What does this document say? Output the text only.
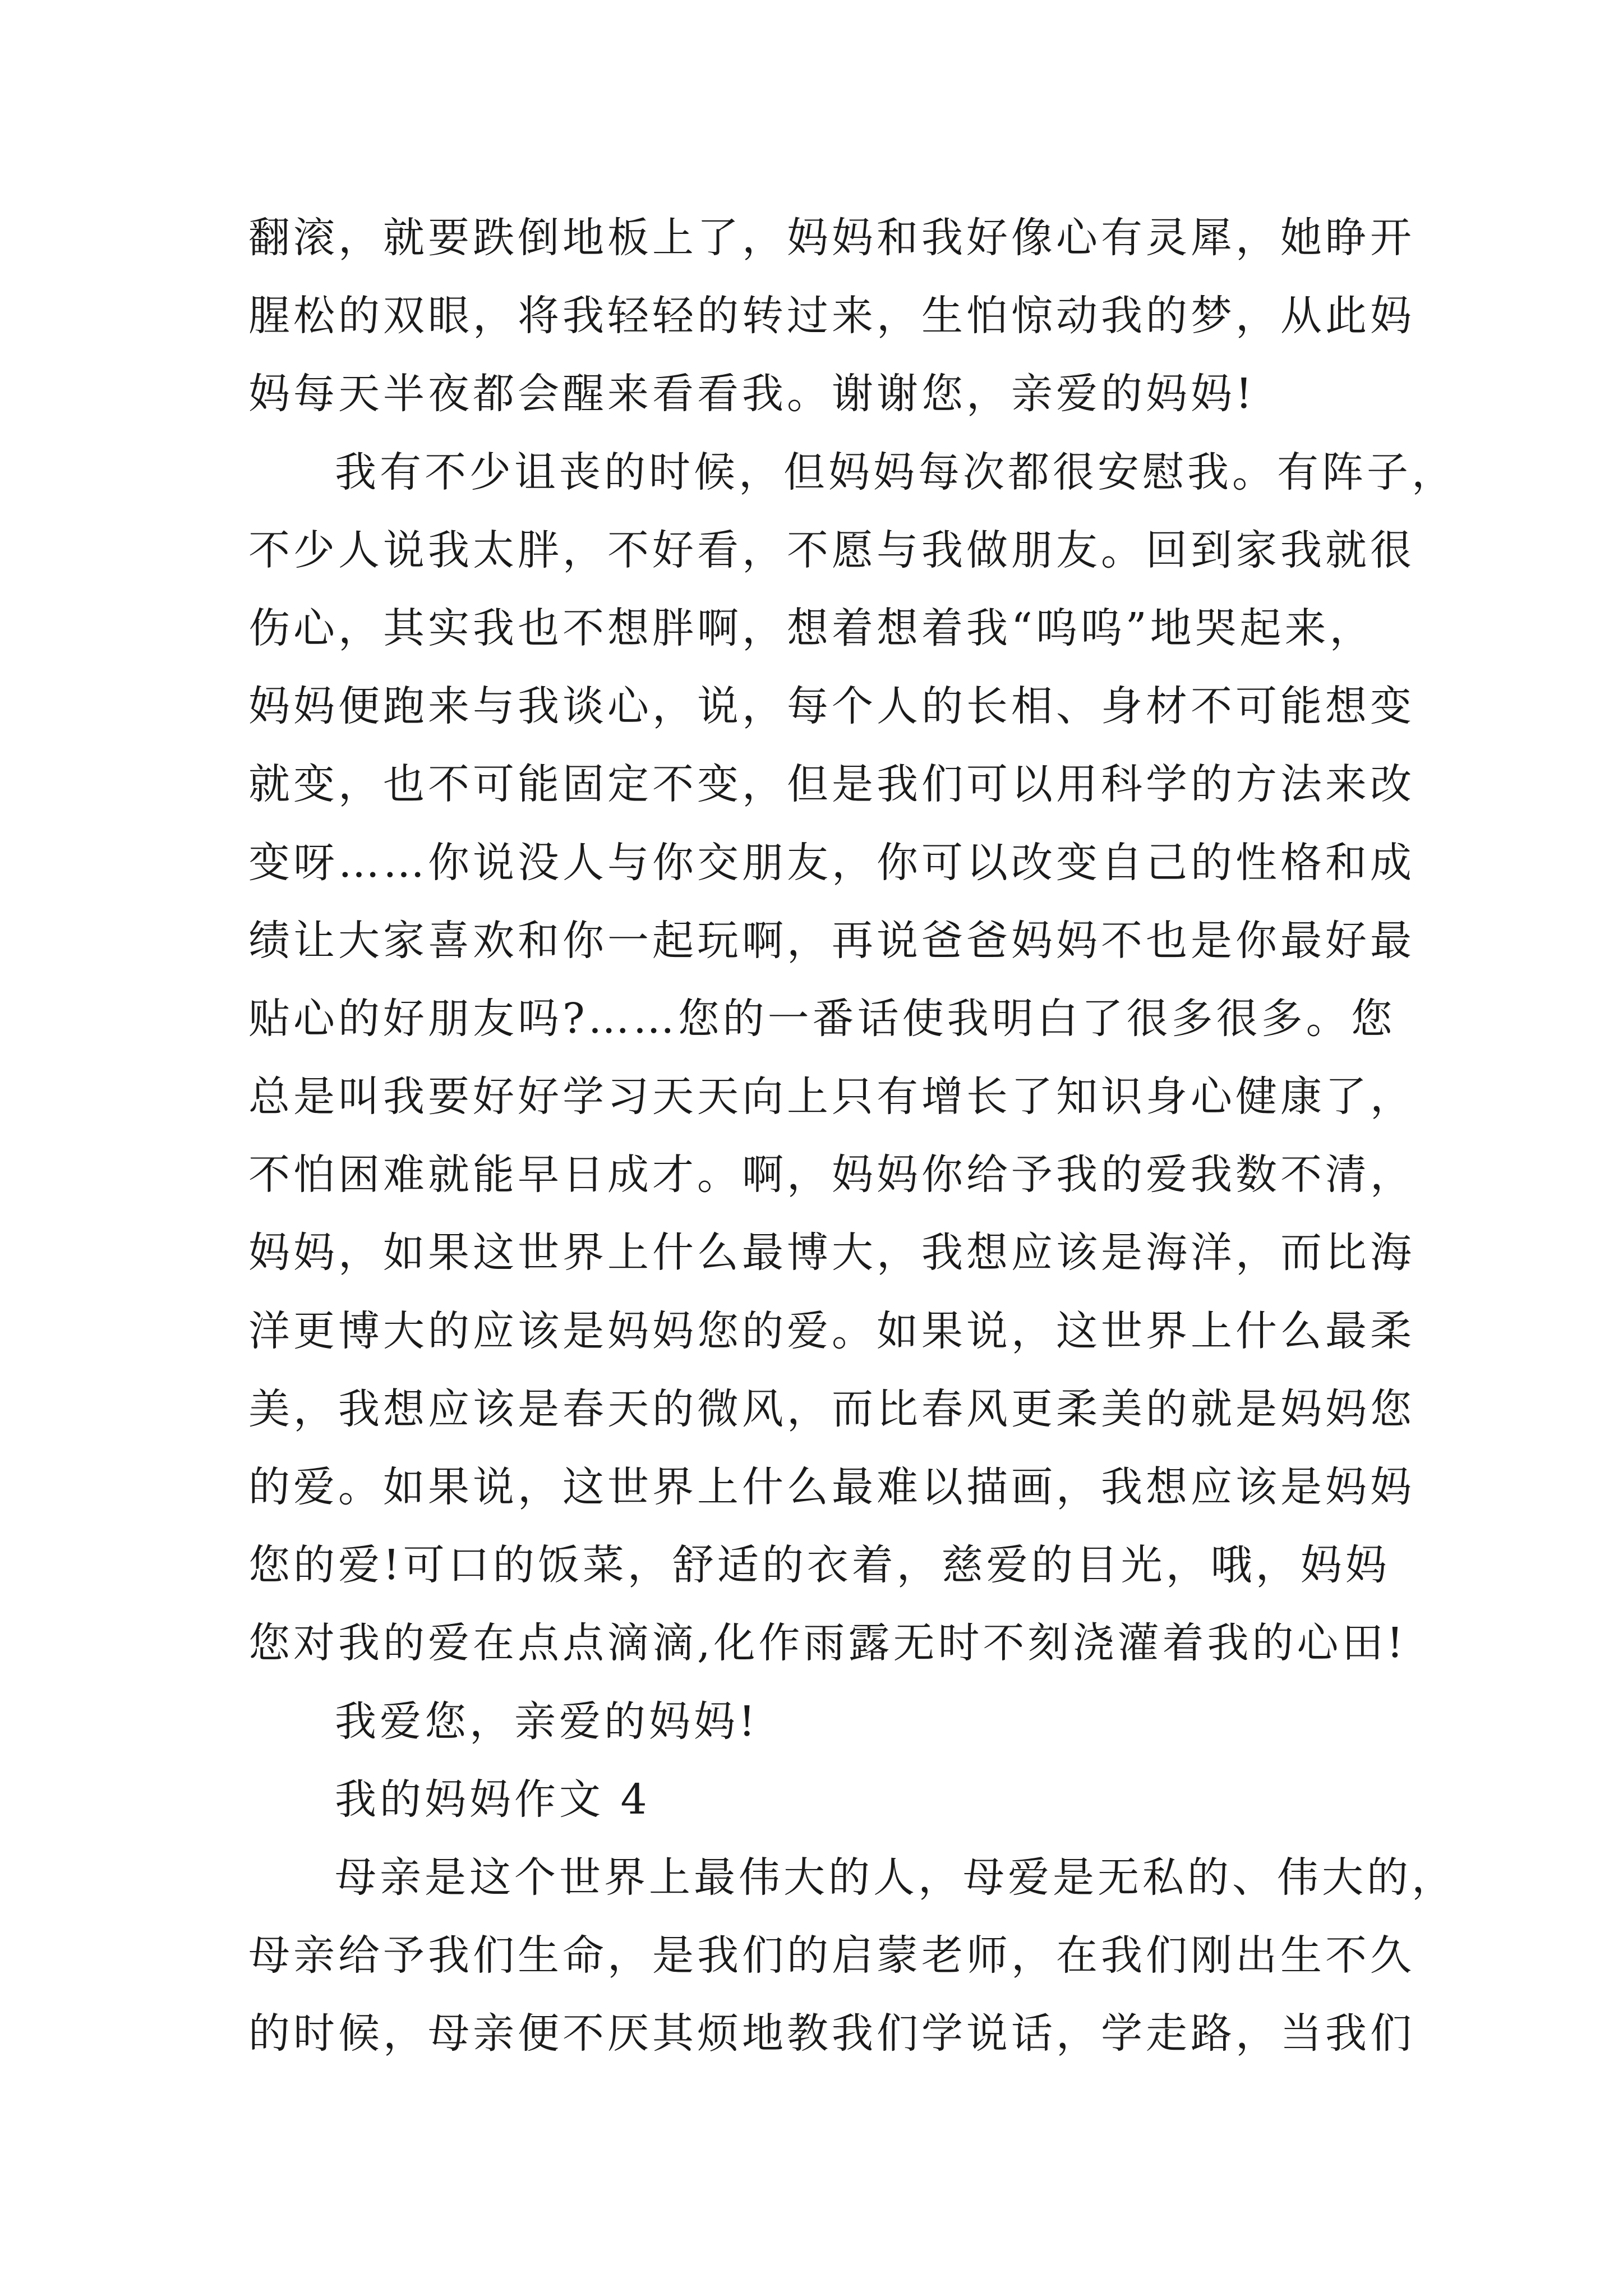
翻滚，就要跌倒地板上了，妈妈和我好像心有灵犀，她睁开
腥松的双眼，将我轻轻的转过来，生怕惊动我的梦，从此妈
妈每天半夜都会醒来看看我。谢谢您，亲爱的妈妈!
我有不少诅丧的时候，但妈妈每次都很安慰我。有阵子，
不少人说我太胖，不好看，不愿与我做朋友。回到家我就很
伤心，其实我也不想胖啊，想着想着我“呜呜”地哭起来，
妈妈便跑来与我谈心，说，每个人的长相、身材不可能想变
就变，也不可能固定不变，但是我们可以用科学的方法来改
变呀……你说没人与你交朋友，你可以改变自己的性格和成
绩让大家喜欢和你一起玩啊，再说爸爸妈妈不也是你最好最
贴心的好朋友吗?……您的一番话使我明白了很多很多。您
总是叫我要好好学习天天向上只有增长了知识身心健康了，
不怕困难就能早日成才。啊，妈妈你给予我的爱我数不清，
妈妈，如果这世界上什么最博大，我想应该是海洋，而比海
洋更博大的应该是妈妈您的爱。如果说，这世界上什么最柔
美，我想应该是春天的微风，而比春风更柔美的就是妈妈您
的爱。如果说，这世界上什么最难以描画，我想应该是妈妈
您的爱!可口的饭菜，舒适的衣着，慈爱的目光，哦，妈妈
您对我的爱在点点滴滴,化作雨露无时不刻浇灌着我的心田!
我爱您，亲爱的妈妈!
我的妈妈作文 4
母亲是这个世界上最伟大的人，母爱是无私的、伟大的，
母亲给予我们生命，是我们的启蒙老师，在我们刚出生不久
的时候，母亲便不厌其烦地教我们学说话，学走路，当我们
